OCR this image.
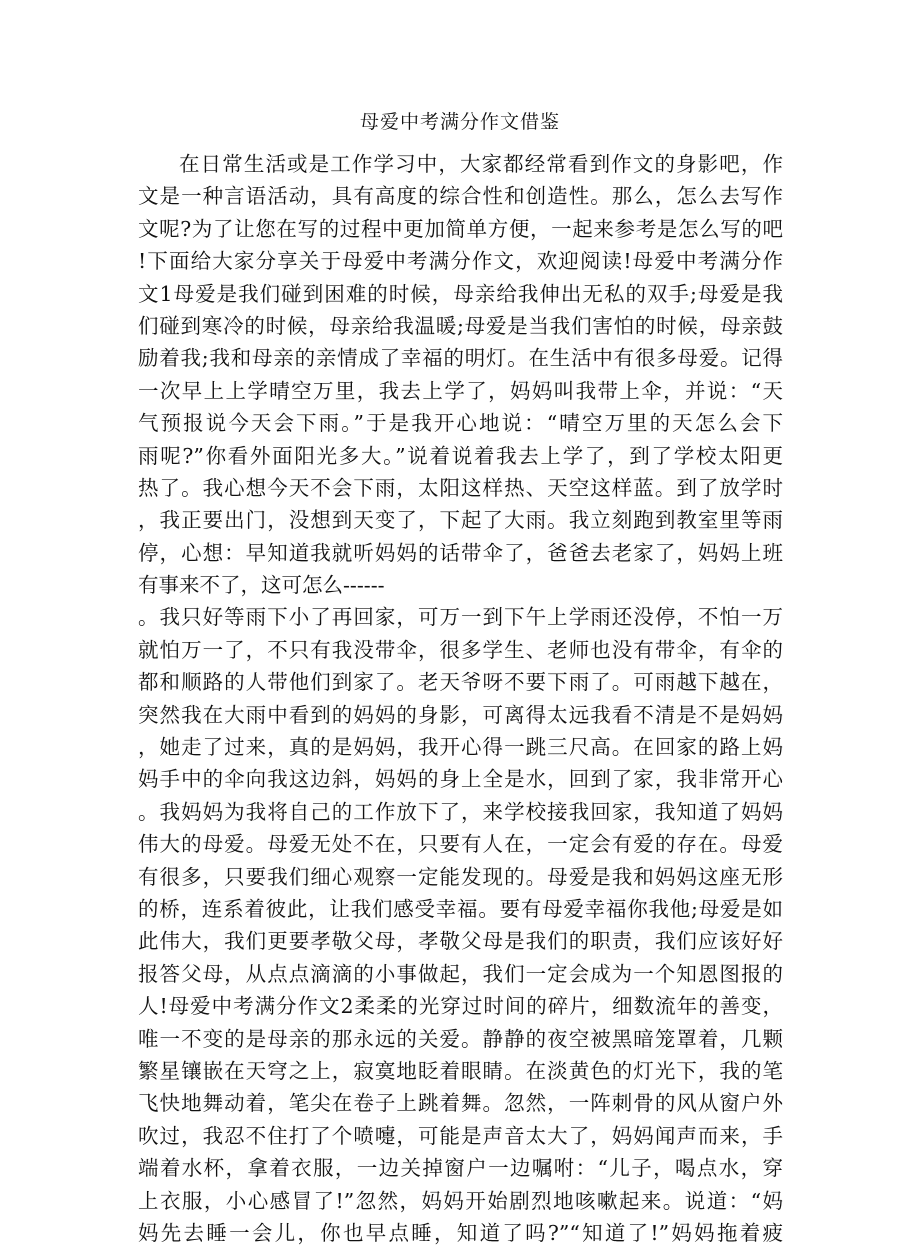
母爱中考满分作文借鉴
在日常生活或是工作学习中，大家都经常看到作文的身影吧，作
文是一种言语活动，具有高度的综合性和创造性。那么，怎么去写作
文呢?为了让您在写的过程中更加简单方便，一起来参考是怎么写的吧
!下面给大家分享关于母爱中考满分作文，欢迎阅读!母爱中考满分作
文1母爱是我们碰到困难的时候，母亲给我伸出无私的双手;母爱是我
们碰到寒冷的时候，母亲给我温暖;母爱是当我们害怕的时候，母亲鼓
励着我;我和母亲的亲情成了幸福的明灯。在生活中有很多母爱。记得
一次早上上学晴空万里，我去上学了，妈妈叫我带上伞，并说：“天
气预报说今天会下雨。”于是我开心地说：“晴空万里的天怎么会下
雨呢?”你看外面阳光多大。”说着说着我去上学了，到了学校太阳更
热了。我心想今天不会下雨，太阳这样热、天空这样蓝。到了放学时
，我正要出门，没想到天变了，下起了大雨。我立刻跑到教室里等雨
停，心想：早知道我就听妈妈的话带伞了，爸爸去老家了，妈妈上班
有事来不了，这可怎么------
。我只好等雨下小了再回家，可万一到下午上学雨还没停，不怕一万
就怕万一了，不只有我没带伞，很多学生、老师也没有带伞，有伞的
都和顺路的人带他们到家了。老天爷呀不要下雨了。可雨越下越在，
突然我在大雨中看到的妈妈的身影，可离得太远我看不清是不是妈妈
，她走了过来，真的是妈妈，我开心得一跳三尺高。在回家的路上妈
妈手中的伞向我这边斜，妈妈的身上全是水，回到了家，我非常开心
。我妈妈为我将自己的工作放下了，来学校接我回家，我知道了妈妈
伟大的母爱。母爱无处不在，只要有人在，一定会有爱的存在。母爱
有很多，只要我们细心观察一定能发现的。母爱是我和妈妈这座无形
的桥，连系着彼此，让我们感受幸福。要有母爱幸福你我他;母爱是如
此伟大，我们更要孝敬父母，孝敬父母是我们的职责，我们应该好好
报答父母，从点点滴滴的小事做起，我们一定会成为一个知恩图报的
人!母爱中考满分作文2柔柔的光穿过时间的碎片，细数流年的善变，
唯一不变的是母亲的那永远的关爱。静静的夜空被黑暗笼罩着，几颗
繁星镶嵌在天穹之上，寂寞地眨着眼睛。在淡黄色的灯光下，我的笔
飞快地舞动着，笔尖在卷子上跳着舞。忽然，一阵刺骨的风从窗户外
吹过，我忍不住打了个喷嚏，可能是声音太大了，妈妈闻声而来，手
端着水杯，拿着衣服，一边关掉窗户一边嘱咐：“儿子，喝点水，穿
上衣服，小心感冒了!”忽然，妈妈开始剧烈地咳嗽起来。说道：“妈
妈先去睡一会儿，你也早点睡，知道了吗?”“知道了!”妈妈拖着疲
